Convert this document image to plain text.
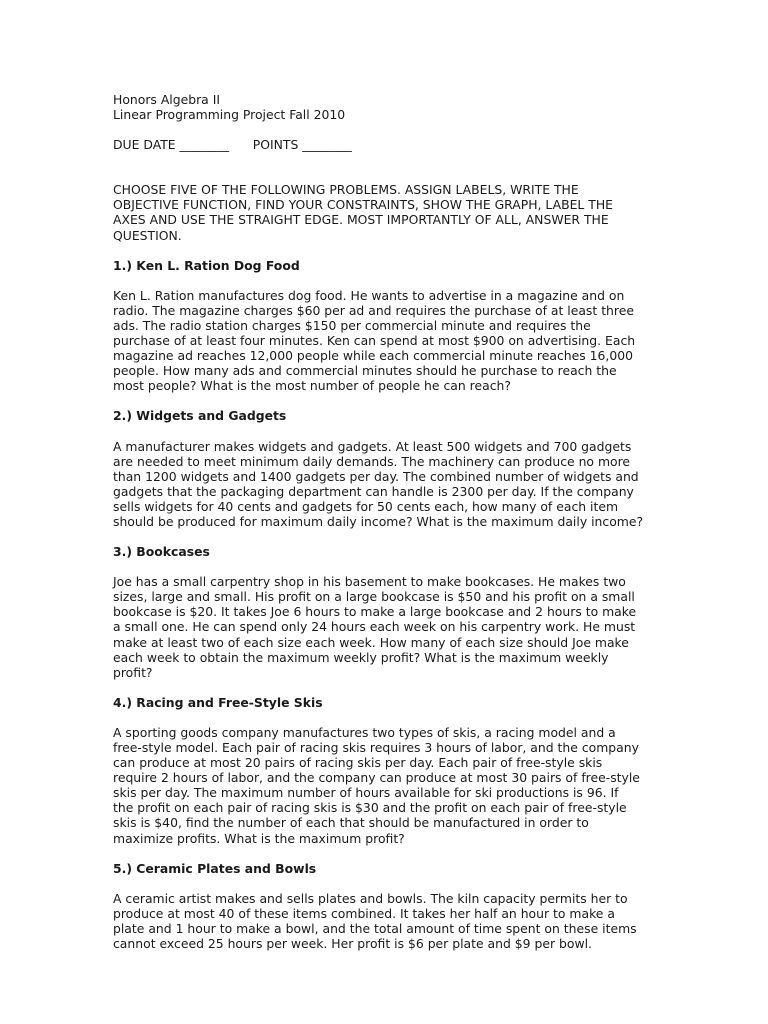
Honors Algebra II
Linear Programming Project Fall 2010
DUE DATE ________      POINTS ________
CHOOSE FIVE OF THE FOLLOWING PROBLEMS. ASSIGN LABELS, WRITE THE
OBJECTIVE FUNCTION, FIND YOUR CONSTRAINTS, SHOW THE GRAPH, LABEL THE
AXES AND USE THE STRAIGHT EDGE. MOST IMPORTANTLY OF ALL, ANSWER THE
QUESTION.
1.) Ken L. Ration Dog Food
Ken L. Ration manufactures dog food. He wants to advertise in a magazine and on
radio. The magazine charges $60 per ad and requires the purchase of at least three
ads. The radio station charges $150 per commercial minute and requires the
purchase of at least four minutes. Ken can spend at most $900 on advertising. Each
magazine ad reaches 12,000 people while each commercial minute reaches 16,000
people. How many ads and commercial minutes should he purchase to reach the
most people? What is the most number of people he can reach?
2.) Widgets and Gadgets
A manufacturer makes widgets and gadgets. At least 500 widgets and 700 gadgets
are needed to meet minimum daily demands. The machinery can produce no more
than 1200 widgets and 1400 gadgets per day. The combined number of widgets and
gadgets that the packaging department can handle is 2300 per day. If the company
sells widgets for 40 cents and gadgets for 50 cents each, how many of each item
should be produced for maximum daily income? What is the maximum daily income?
3.) Bookcases
Joe has a small carpentry shop in his basement to make bookcases. He makes two
sizes, large and small. His profit on a large bookcase is $50 and his profit on a small
bookcase is $20. It takes Joe 6 hours to make a large bookcase and 2 hours to make
a small one. He can spend only 24 hours each week on his carpentry work. He must
make at least two of each size each week. How many of each size should Joe make
each week to obtain the maximum weekly profit? What is the maximum weekly
profit?
4.) Racing and Free-Style Skis
A sporting goods company manufactures two types of skis, a racing model and a
free-style model. Each pair of racing skis requires 3 hours of labor, and the company
can produce at most 20 pairs of racing skis per day. Each pair of free-style skis
require 2 hours of labor, and the company can produce at most 30 pairs of free-style
skis per day. The maximum number of hours available for ski productions is 96. If
the profit on each pair of racing skis is $30 and the profit on each pair of free-style
skis is $40, find the number of each that should be manufactured in order to
maximize profits. What is the maximum profit?
5.) Ceramic Plates and Bowls
A ceramic artist makes and sells plates and bowls. The kiln capacity permits her to
produce at most 40 of these items combined. It takes her half an hour to make a
plate and 1 hour to make a bowl, and the total amount of time spent on these items
cannot exceed 25 hours per week. Her profit is $6 per plate and $9 per bowl.
